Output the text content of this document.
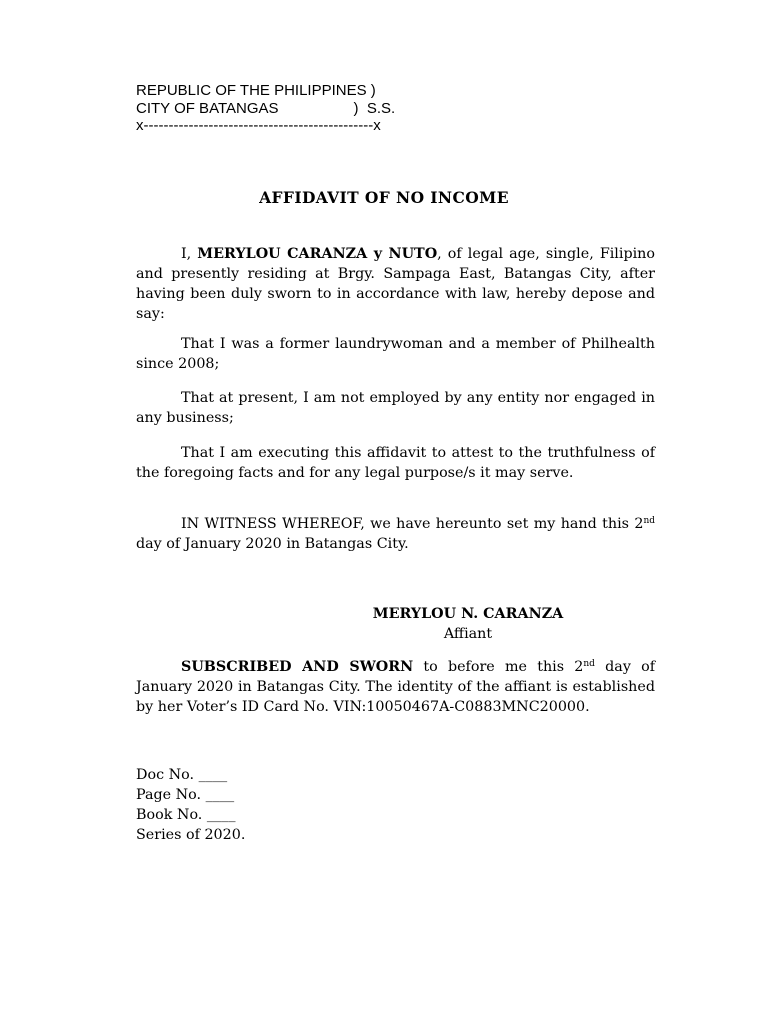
REPUBLIC OF THE PHILIPPINES )
CITY OF BATANGAS                  )  S.S.
x----------------------------------------------x
AFFIDAVIT OF NO INCOME
I, MERYLOU CARANZA y NUTO, of legal age, single, Filipino and presently residing at Brgy. Sampaga East, Batangas City, after having been duly sworn to in accordance with law, hereby depose and say:
That I was a former laundrywoman and a member of Philhealth since 2008;
That at present, I am not employed by any entity nor engaged in any business;
That I am executing this affidavit to attest to the truthfulness of the foregoing facts and for any legal purpose/s it may serve.
IN WITNESS WHEREOF, we have hereunto set my hand this 2nd day of January 2020 in Batangas City.
MERYLOU N. CARANZA
Affiant
SUBSCRIBED AND SWORN to before me this 2nd day of January 2020 in Batangas City. The identity of the affiant is established by her Voter’s ID Card No. VIN:10050467A-C0883MNC20000.
Doc No. ____
Page No. ____
Book No. ____
Series of 2020.
